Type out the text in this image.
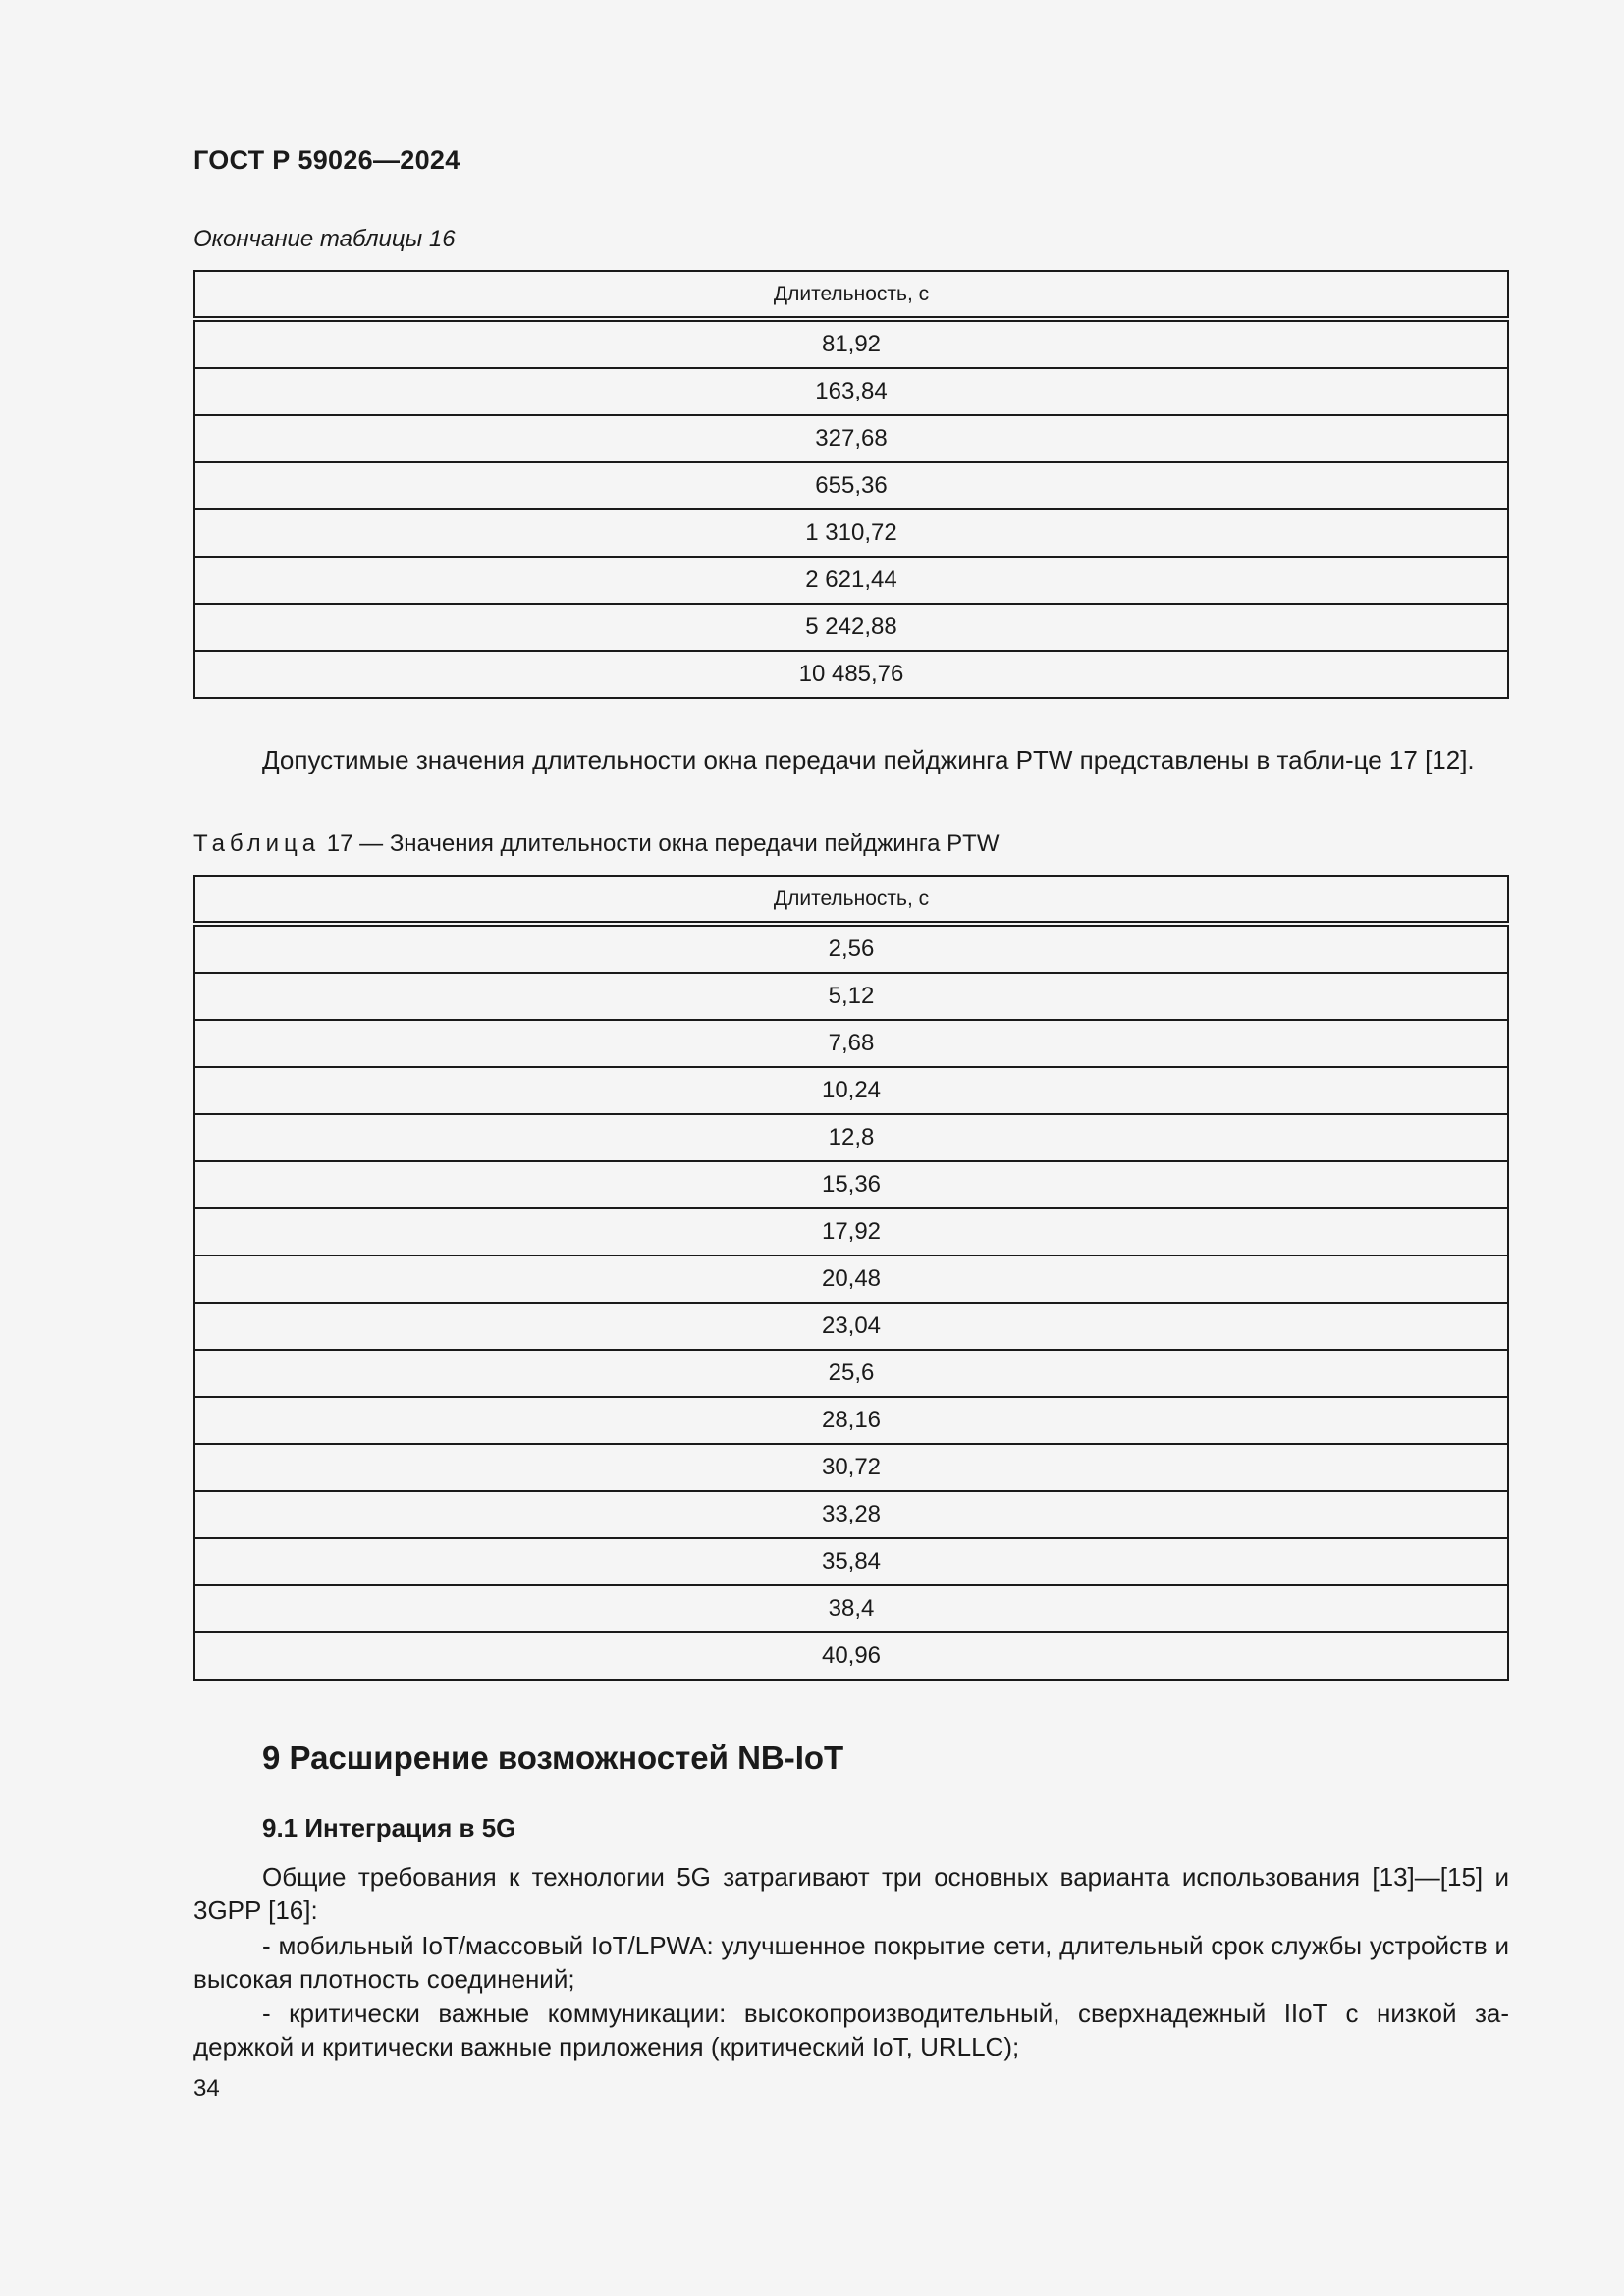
ГОСТ Р 59026—2024
Окончание таблицы 16
Длительность, с
81,92
163,84
327,68
655,36
1 310,72
2 621,44
5 242,88
10 485,76
Допустимые значения длительности окна передачи пейджинга PTW представлены в табли-це 17 [12].
Таблица 17 — Значения длительности окна передачи пейджинга PTW
Длительность, с
2,56
5,12
7,68
10,24
12,8
15,36
17,92
20,48
23,04
25,6
28,16
30,72
33,28
35,84
38,4
40,96
9 Расширение возможностей NB-IoT
9.1 Интеграция в 5G
Общие требования к технологии 5G затрагивают три основных варианта использования [13]—[15] и 3GPP [16]:
- мобильный IoT/массовый IoT/LPWA: улучшенное покрытие сети, длительный срок службы устройств и высокая плотность соединений;
- критически важные коммуникации: высокопроизводительный, сверхнадежный IIoT с низкой за-держкой и критически важные приложения (критический IoT, URLLC);
34
